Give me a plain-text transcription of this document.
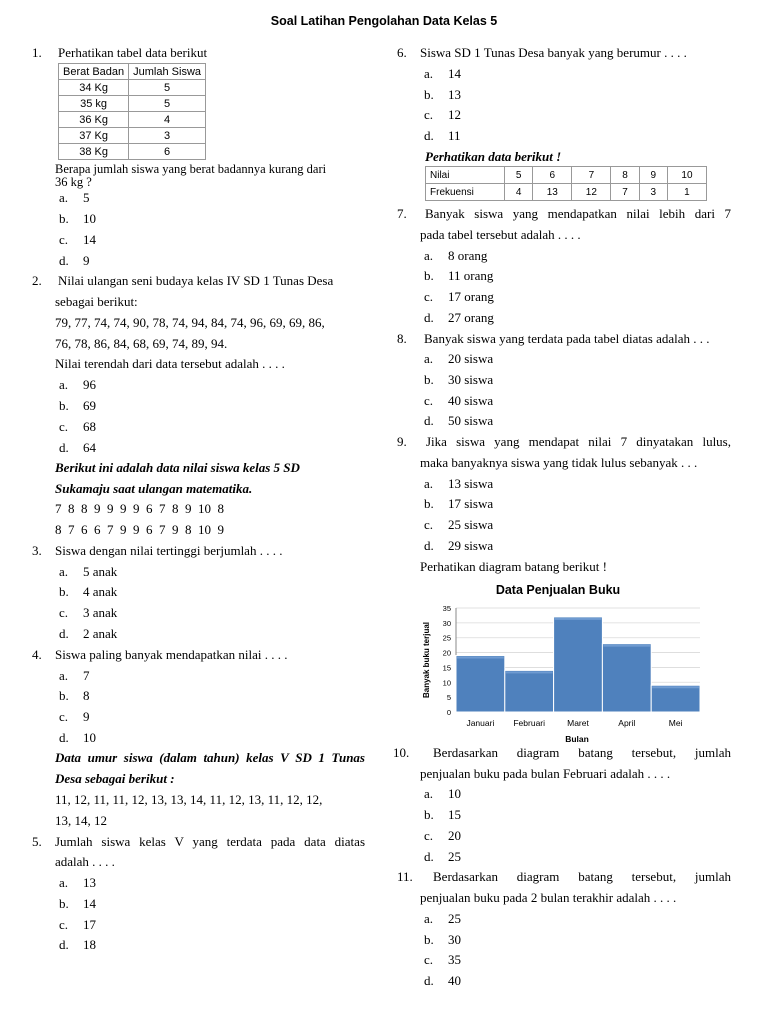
Soal Latihan Pengolahan Data Kelas 5
1. Perhatikan tabel data berikut
Berat Badan	Jumlah Siswa
34 Kg	5
35 kg	5
36 Kg	4
37 Kg	3
38 Kg	6
Berapa jumlah siswa yang berat badannya kurang dari
36 kg ?
a. 5
b. 10
c. 14
d. 9
2. Nilai ulangan seni budaya kelas IV SD 1 Tunas Desa
sebagai berikut:
79, 77, 74, 74, 90, 78, 74, 94, 84, 74, 96, 69, 69, 86,
76, 78, 86, 84, 68, 69, 74, 89, 94.
Nilai terendah dari data tersebut adalah . . . .
a. 96
b. 69
c. 68
d. 64
Berikut ini adalah data nilai siswa kelas 5 SD
Sukamaju saat ulangan matematika.
7  8  8  9  9  9  9  6  7  8  9  10  8
8  7  6  6  7  9  9  6  7  9  8  10  9
3. Siswa dengan nilai tertinggi berjumlah . . . .
a. 5 anak
b. 4 anak
c. 3 anak
d. 2 anak
4. Siswa paling banyak mendapatkan nilai . . . .
a. 7
b. 8
c. 9
d. 10
Data umur siswa (dalam tahun) kelas V SD 1 Tunas
Desa sebagai berikut :
11, 12, 11, 11, 12, 13, 13, 14, 11, 12, 13, 11, 12, 12,
13, 14, 12
5. Jumlah siswa kelas V yang terdata pada data diatas
adalah . . . .
a. 13
b. 14
c. 17
d. 18
6. Siswa SD 1 Tunas Desa banyak yang berumur . . . .
a. 14
b. 13
c. 12
d. 11
Perhatikan data berikut !
Nilai	5	6	7	8	9	10
Frekuensi	4	13	12	7	3	1
7. Banyak siswa yang mendapatkan nilai lebih dari 7
pada tabel tersebut adalah . . . .
a. 8 orang
b. 11 orang
c. 17 orang
d. 27 orang
8. Banyak siswa yang terdata pada tabel diatas adalah . . .
a. 20 siswa
b. 30 siswa
c. 40 siswa
d. 50 siswa
9. Jika siswa yang mendapat nilai 7 dinyatakan lulus,
maka banyaknya siswa yang tidak lulus sebanyak . . .
a. 13 siswa
b. 17 siswa
c. 25 siswa
d. 29 siswa
Perhatikan diagram batang berikut !
Data Penjualan Buku
Banyak buku terjual
Bulan
0
5
10
15
20
25
30
35
Januari Februari	Maret	April	Mei
10. Berdasarkan diagram batang tersebut, jumlah
penjualan buku pada bulan Februari adalah . . . .
a. 10
b. 15
c. 20
d. 25
11. Berdasarkan diagram batang tersebut, jumlah
penjualan buku pada 2 bulan terakhir adalah . . . .
a. 25
b. 30
c. 35
d. 40
